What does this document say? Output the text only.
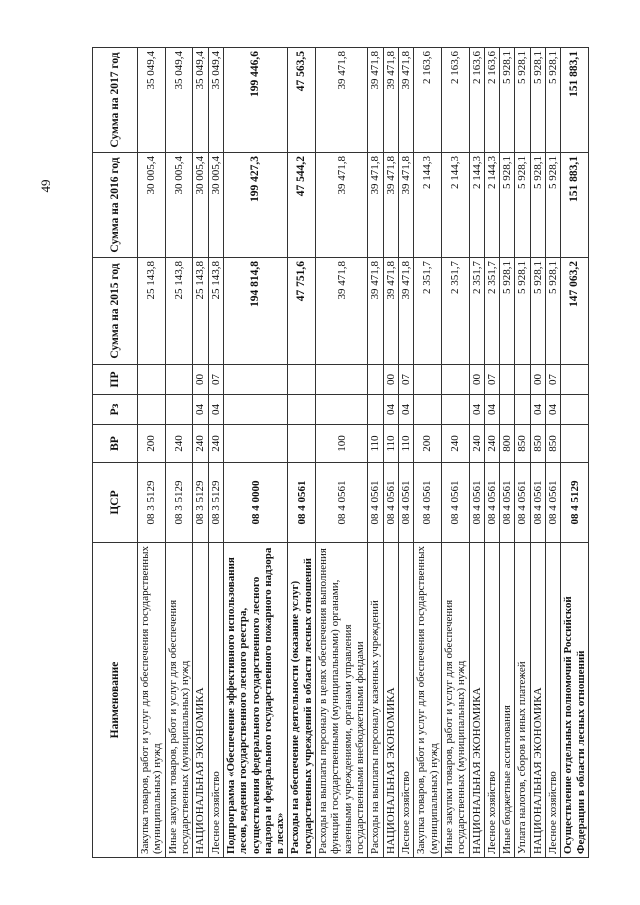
49
Наименование	ЦСР	ВР	Рз	ПР	Сумма на 2015 год	Сумма на 2016 год	Сумма на 2017 год
Закупка товаров, работ и услуг для обеспечения государственных (муниципальных) нужд	08 3 5129	200			25 143,8	30 005,4	35 049,4
Иные закупки товаров, работ и услуг для обеспечения государственных (муниципальных) нужд	08 3 5129	240			25 143,8	30 005,4	35 049,4
НАЦИОНАЛЬНАЯ ЭКОНОМИКА	08 3 5129	240	04	00	25 143,8	30 005,4	35 049,4
Лесное хозяйство	08 3 5129	240	04	07	25 143,8	30 005,4	35 049,4
Подпрограмма «Обеспечение эффективного использования лесов, ведения государственного лесного реестра, осуществления федерального государственного лесного надзора и федерального государственного пожарного надзора в лесах»	08 4 0000				194 814,8	199 427,3	199 446,6
Расходы на обеспечение деятельности (оказание услуг) государственных учреждений в области лесных отношений	08 4 0561				47 751,6	47 544,2	47 563,5
Расходы на выплаты персоналу в целях обеспечения выполнения функций государственными (муниципальными) органами, казенными учреждениями, органами управления государственными внебюджетными фондами	08 4 0561	100			39 471,8	39 471,8	39 471,8
Расходы на выплаты персоналу казенных учреждений	08 4 0561	110			39 471,8	39 471,8	39 471,8
НАЦИОНАЛЬНАЯ ЭКОНОМИКА	08 4 0561	110	04	00	39 471,8	39 471,8	39 471,8
Лесное хозяйство	08 4 0561	110	04	07	39 471,8	39 471,8	39 471,8
Закупка товаров, работ и услуг для обеспечения государственных (муниципальных) нужд	08 4 0561	200			2 351,7	2 144,3	2 163,6
Иные закупки товаров, работ и услуг для обеспечения государственных (муниципальных) нужд	08 4 0561	240			2 351,7	2 144,3	2 163,6
НАЦИОНАЛЬНАЯ ЭКОНОМИКА	08 4 0561	240	04	00	2 351,7	2 144,3	2 163,6
Лесное хозяйство	08 4 0561	240	04	07	2 351,7	2 144,3	2 163,6
Иные бюджетные ассигнования	08 4 0561	800			5 928,1	5 928,1	5 928,1
Уплата налогов, сборов и иных платежей	08 4 0561	850			5 928,1	5 928,1	5 928,1
НАЦИОНАЛЬНАЯ ЭКОНОМИКА	08 4 0561	850	04	00	5 928,1	5 928,1	5 928,1
Лесное хозяйство	08 4 0561	850	04	07	5 928,1	5 928,1	5 928,1
Осуществление отдельных полномочий Российской Федерации в области лесных отношений	08 4 5129				147 063,2	151 883,1	151 883,1
